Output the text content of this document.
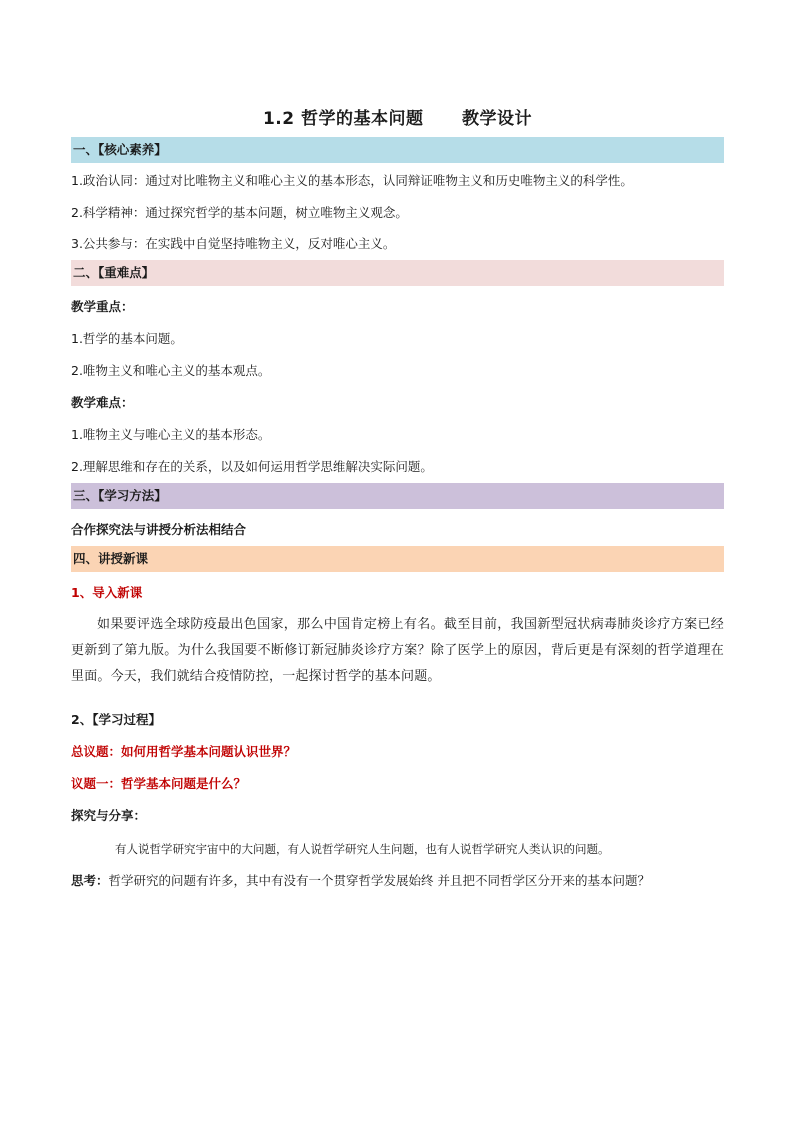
1.2 哲学的基本问题      教学设计
一、【核心素养】
1.政治认同：通过对比唯物主义和唯心主义的基本形态，认同辩证唯物主义和历史唯物主义的科学性。
2.科学精神：通过探究哲学的基本问题，树立唯物主义观念。
3.公共参与：在实践中自觉坚持唯物主义，反对唯心主义。
二、【重难点】
教学重点：
1.哲学的基本问题。
2.唯物主义和唯心主义的基本观点。
教学难点：
1.唯物主义与唯心主义的基本形态。
2.理解思维和存在的关系，以及如何运用哲学思维解决实际问题。
三、【学习方法】
合作探究法与讲授分析法相结合
四、讲授新课
1、导入新课
如果要评选全球防疫最出色国家，那么中国肯定榜上有名。截至目前，我国新型冠状病毒肺炎诊疗方案已经更新到了第九版。为什么我国要不断修订新冠肺炎诊疗方案？除了医学上的原因，背后更是有深刻的哲学道理在里面。今天，我们就结合疫情防控，一起探讨哲学的基本问题。
2、【学习过程】
总议题：如何用哲学基本问题认识世界？
议题一：哲学基本问题是什么？
探究与分享：
有人说哲学研究宇宙中的大问题，有人说哲学研究人生问题，也有人说哲学研究人类认识的问题。
思考：哲学研究的问题有许多，其中有没有一个贯穿哲学发展始终 并且把不同哲学区分开来的基本问题？
